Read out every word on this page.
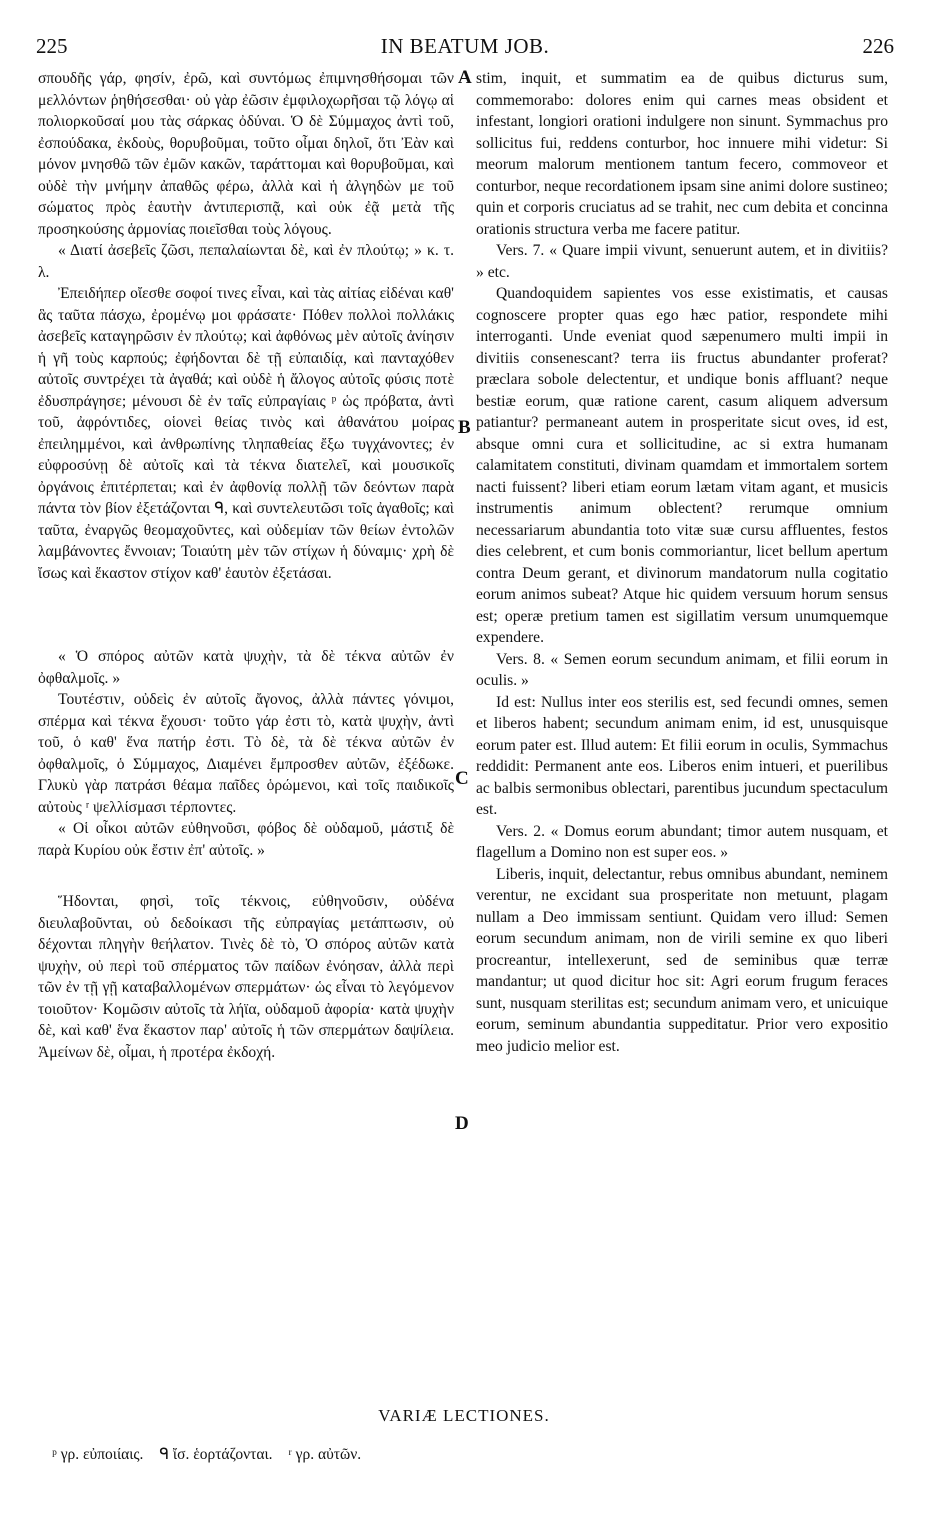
225	IN BEATUM JOB.	226

σπουδῆς γάρ, φησίν, ἐρῶ, καὶ συντόμως ἐπιμνησθήσομαι τῶν μελλόντων ῥηθήσεσθαι· οὐ γὰρ ἐῶσιν ἐμφιλοχωρῆσαι τῷ λόγῳ αἱ πολιορκοῦσαί μου τὰς σάρκας ὀδύναι. Ὁ δὲ Σύμμαχος ἀντὶ τοῦ, ἐσπούδακα, ἐκδοὺς, θορυβοῦμαι, τοῦτο οἶμαι δηλοῖ, ὅτι Ἐὰν καὶ μόνον μνησθῶ τῶν ἐμῶν κακῶν, ταράττομαι καὶ θορυβοῦμαι, καὶ οὐδὲ τὴν μνήμην ἀπαθῶς φέρω, ἀλλὰ καὶ ἡ ἀλγηδὼν με τοῦ σώματος πρὸς ἑαυτὴν ἀντιπερισπᾷ, καὶ οὐκ ἐᾷ μετὰ τῆς προσηκούσης ἁρμονίας ποιεῖσθαι τοὺς λόγους.

« Διατί ἀσεβεῖς ζῶσι, πεπαλαίωνται δὲ, καὶ ἐν πλούτῳ; » κ. τ. λ.

Ἐπειδήπερ οἴεσθε σοφοί τινες εἶναι, καὶ τὰς αἰτίας εἰδέναι καθ' ἃς ταῦτα πάσχω, ἐρομένῳ μοι φράσατε· Πόθεν πολλοὶ πολλάκις ἀσεβεῖς καταγηρῶσιν ἐν πλούτῳ; καὶ ἀφθόνως μὲν αὐτοῖς ἀνίησιν ἡ γῆ τοὺς καρπούς; ἐφήδονται δὲ τῇ εὐπαιδίᾳ, καὶ πανταχόθεν αὐτοῖς συντρέχει τὰ ἀγαθά; καὶ οὐδὲ ἡ ἄλογος αὐτοῖς φύσις ποτὲ ἐδυσπράγησε; μένουσι δὲ ἐν ταῖς εὐπραγίαις ᵖ ὡς πρόβατα, ἀντὶ τοῦ, ἀφρόντιδες, οἱονεὶ θείας τινὸς καὶ ἀθανάτου μοίρας ἐπειλημμένοι, καὶ ἀνθρωπίνης τληπαθείας ἔξω τυγχάνοντες; ἐν εὐφροσύνῃ δὲ αὐτοῖς καὶ τὰ τέκνα διατελεῖ, καὶ μουσικοῖς ὀργάνοις ἐπιτέρπεται; καὶ ἐν ἀφθονίᾳ πολλῇ τῶν δεόντων παρὰ πάντα τὸν βίον ἐξετάζονται ᑫ, καὶ συντελευτῶσι τοῖς ἀγαθοῖς; καὶ ταῦτα, ἐναργῶς θεομαχοῦντες, καὶ οὐδεμίαν τῶν θείων ἐντολῶν λαμβάνοντες ἔννοιαν; Τοιαύτη μὲν τῶν στίχων ἡ δύναμις· χρὴ δὲ ἴσως καὶ ἕκαστον στίχον καθ' ἑαυτὸν ἐξετάσαι.

« Ὁ σπόρος αὐτῶν κατὰ ψυχὴν, τὰ δὲ τέκνα αὐτῶν ἐν ὀφθαλμοῖς. »

Τουτέστιν, οὐδεὶς ἐν αὐτοῖς ἄγονος, ἀλλὰ πάντες γόνιμοι, σπέρμα καὶ τέκνα ἔχουσι· τοῦτο γάρ ἐστι τὸ, κατὰ ψυχὴν, ἀντὶ τοῦ, ὁ καθ' ἕνα πατήρ ἐστι. Τὸ δὲ, τὰ δὲ τέκνα αὐτῶν ἐν ὀφθαλμοῖς, ὁ Σύμμαχος, Διαμένει ἔμπροσθεν αὐτῶν, ἐξέδωκε. Γλυκὺ γὰρ πατράσι θέαμα παῖδες ὁρώμενοι, καὶ τοῖς παιδικοῖς αὐτοὺς ʳ ψελλίσμασι τέρποντες.

« Οἱ οἶκοι αὐτῶν εὐθηνοῦσι, φόβος δὲ οὐδαμοῦ, μάστιξ δὲ παρὰ Κυρίου οὐκ ἔστιν ἐπ' αὐτοῖς. »

Ἥδονται, φησὶ, τοῖς τέκνοις, εὐθηνοῦσιν, οὐδένα διευλαβοῦνται, οὐ δεδοίκασι τῆς εὐπραγίας μετάπτωσιν, οὐ δέχονται πληγὴν θεήλατον. Τινὲς δὲ τὸ, Ὁ σπόρος αὐτῶν κατὰ ψυχὴν, οὐ περὶ τοῦ σπέρματος τῶν παίδων ἐνόησαν, ἀλλὰ περὶ τῶν ἐν τῇ γῇ καταβαλλομένων σπερμάτων· ὡς εἶναι τὸ λεγόμενον τοιοῦτον· Κομῶσιν αὐτοῖς τὰ λήϊα, οὐδαμοῦ ἀφορία· κατὰ ψυχὴν δὲ, καὶ καθ' ἕνα ἕκαστον παρ' αὐτοῖς ἡ τῶν σπερμάτων δαψίλεια. Ἀμείνων δὲ, οἶμαι, ἡ προτέρα ἐκδοχή.

stim, inquit, et summatim ea de quibus dicturus sum, commemorabo: dolores enim qui carnes meas obsident et infestant, longiori orationi indulgere non sinunt. Symmachus pro sollicitus fui, reddens conturbor, hoc innuere mihi videtur: Si meorum malorum mentionem tantum fecero, commoveor et conturbor, neque recordationem ipsam sine animi dolore sustineo; quin et corporis cruciatus ad se trahit, nec cum debita et concinna orationis structura verba me facere patitur.

Vers. 7. « Quare impii vivunt, senuerunt autem, et in divitiis? » etc.

Quandoquidem sapientes vos esse existimatis, et causas cognoscere propter quas ego hæc patior, respondete mihi interroganti. Unde eveniat quod sæpenumero multi impii in divitiis consenescant? terra iis fructus abundanter proferat? præclara sobole delectentur, et undique bonis affluant? neque bestiæ eorum, quæ ratione carent, casum aliquem adversum patiantur? permaneant autem in prosperitate sicut oves, id est, absque omni cura et sollicitudine, ac si extra humanam calamitatem constituti, divinam quamdam et immortalem sortem nacti fuissent? liberi etiam eorum lætam vitam agant, et musicis instrumentis animum oblectent? rerumque omnium necessariarum abundantia toto vitæ suæ cursu affluentes, festos dies celebrent, et cum bonis commoriantur, licet bellum apertum contra Deum gerant, et divinorum mandatorum nulla cogitatio eorum animos subeat? Atque hic quidem versuum horum sensus est; operæ pretium tamen est sigillatim versum unumquemque expendere.

Vers. 8. « Semen eorum secundum animam, et filii eorum in oculis. »

Id est: Nullus inter eos sterilis est, sed fecundi omnes, semen et liberos habent; secundum animam enim, id est, unusquisque eorum pater est. Illud autem: Et filii eorum in oculis, Symmachus reddidit: Permanent ante eos. Liberos enim intueri, et puerilibus ac balbis sermonibus oblectari, parentibus jucundum spectaculum est.

Vers. 2. « Domus eorum abundant; timor autem nusquam, et flagellum a Domino non est super eos. »

Liberis, inquit, delectantur, rebus omnibus abundant, neminem verentur, ne excidant sua prosperitate non metuunt, plagam nullam a Deo immissam sentiunt. Quidam vero illud: Semen eorum secundum animam, non de virili semine ex quo liberi procreantur, intellexerunt, sed de seminibus quæ terræ mandantur; ut quod dicitur hoc sit: Agri eorum frugum feraces sunt, nusquam sterilitas est; secundum animam vero, et unicuique eorum, seminum abundantia suppeditatur. Prior vero expositio meo judicio melior est.

A
B
C
D
VARIÆ LECTIONES.
ᵖ γρ. εὐποιίαις. ᑫ ἴσ. ἑορτάζονται. ʳ γρ. αὐτῶν.
